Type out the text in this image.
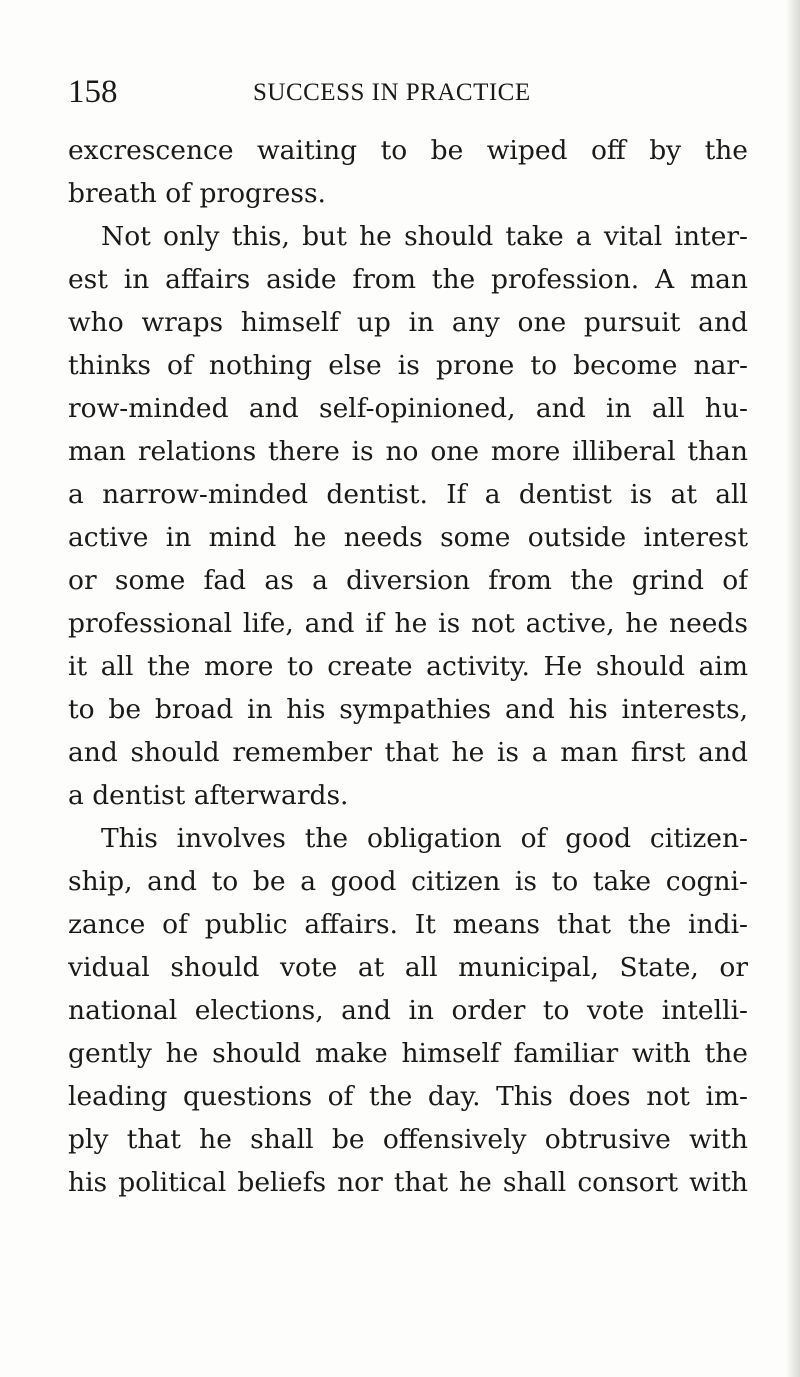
158	SUCCESS IN PRACTICE
excrescence waiting to be wiped off by the
breath of progress.
Not only this, but he should take a vital inter-
est in affairs aside from the profession. A man
who wraps himself up in any one pursuit and
thinks of nothing else is prone to become nar-
row-minded and self-opinioned, and in all hu-
man relations there is no one more illiberal than
a narrow-minded dentist. If a dentist is at all
active in mind he needs some outside interest
or some fad as a diversion from the grind of
professional life, and if he is not active, he needs
it all the more to create activity. He should aim
to be broad in his sympathies and his interests,
and should remember that he is a man first and
a dentist afterwards.
This involves the obligation of good citizen-
ship, and to be a good citizen is to take cogni-
zance of public affairs. It means that the indi-
vidual should vote at all municipal, State, or
national elections, and in order to vote intelli-
gently he should make himself familiar with the
leading questions of the day. This does not im-
ply that he shall be offensively obtrusive with
his political beliefs nor that he shall consort with
